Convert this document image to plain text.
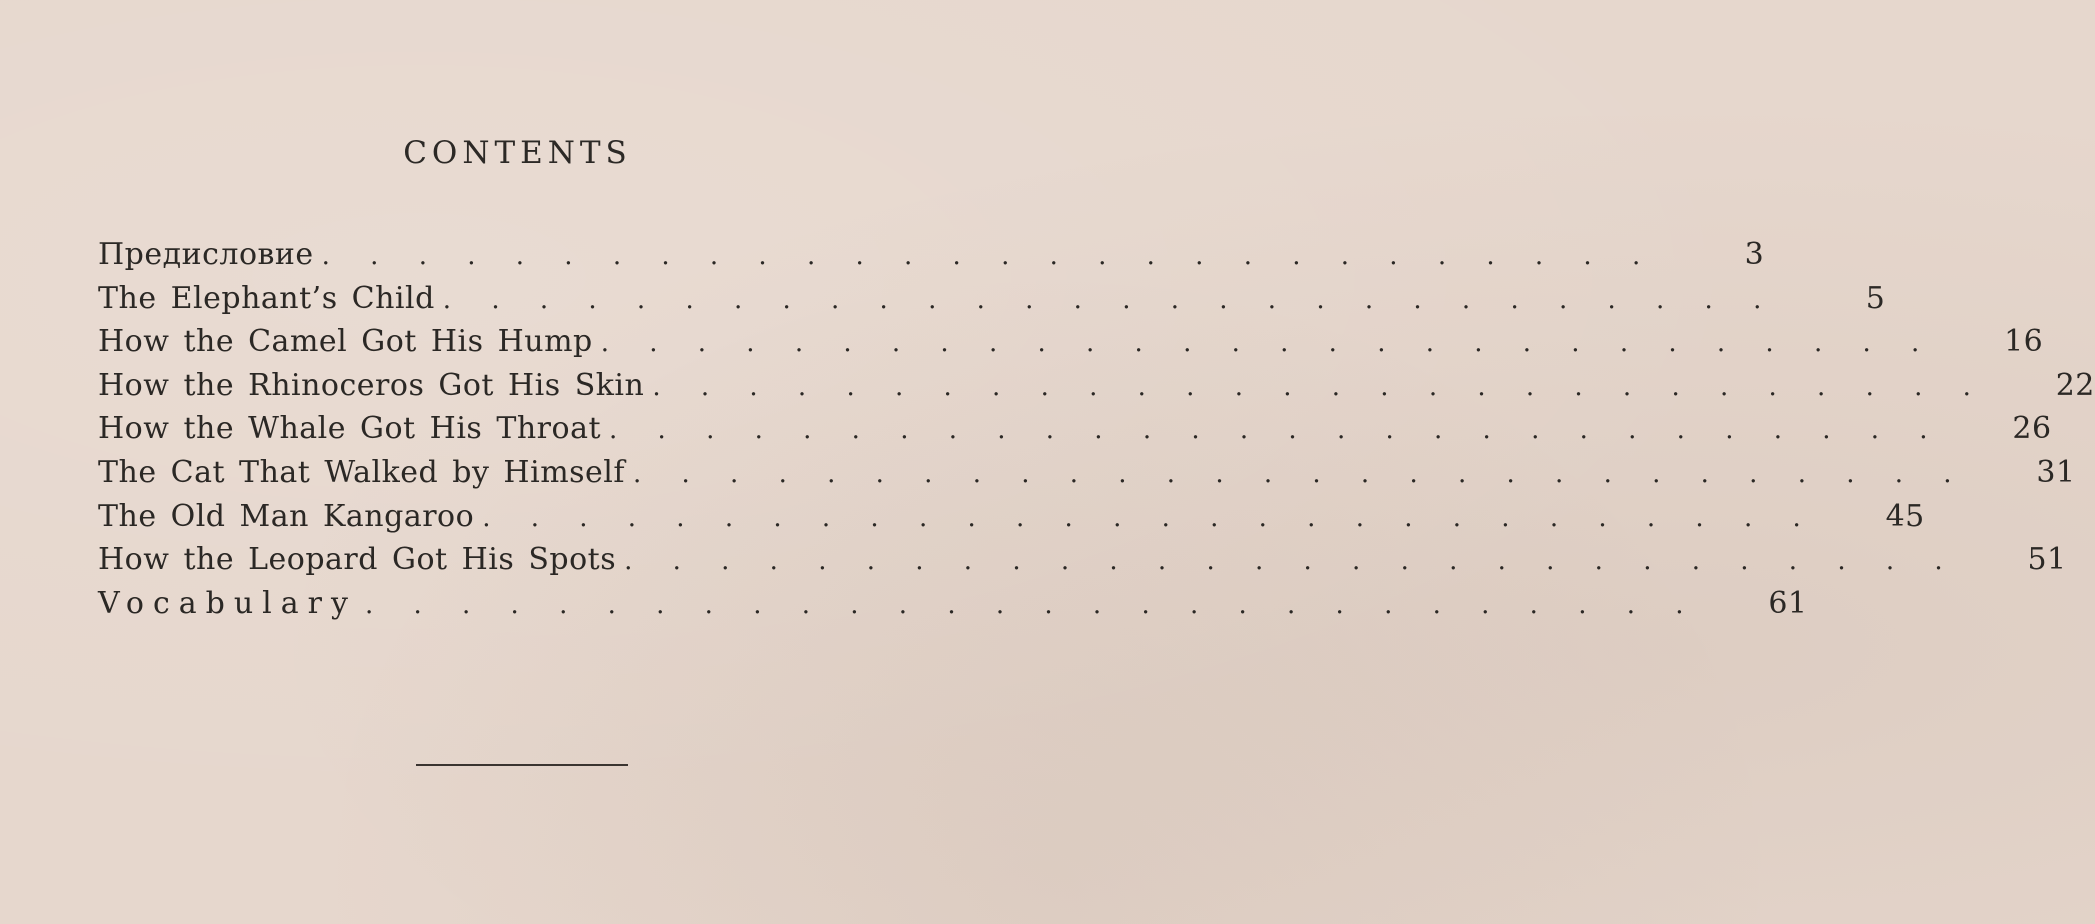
CONTENTS
Предисловие . . . . . . . . . . . . . . . . . . . . . . . . . . . .	3
The Elephant’s Child . . . . . . . . . . . . . . . . . . . . . . . . . . . .	5
How the Camel Got His Hump . . . . . . . . . . . . . . . . . . . . . . . . . . . . 16
How the Rhinoceros Got His Skin . . . . . . . . . . . . . . . . . . . . . . . . . . . . 22
How the Whale Got His Throat . . . . . . . . . . . . . . . . . . . . . . . . . . . . 26
The Cat That Walked by Himself . . . . . . . . . . . . . . . . . . . . . . . . . . . . 31
The Old Man Kangaroo . . . . . . . . . . . . . . . . . . . . . . . . . . . . 45
How the Leopard Got His Spots . . . . . . . . . . . . . . . . . . . . . . . . . . . . 51
Vocabulary . . . . . . . . . . . . . . . . . . . . . . . . . . . . 61
